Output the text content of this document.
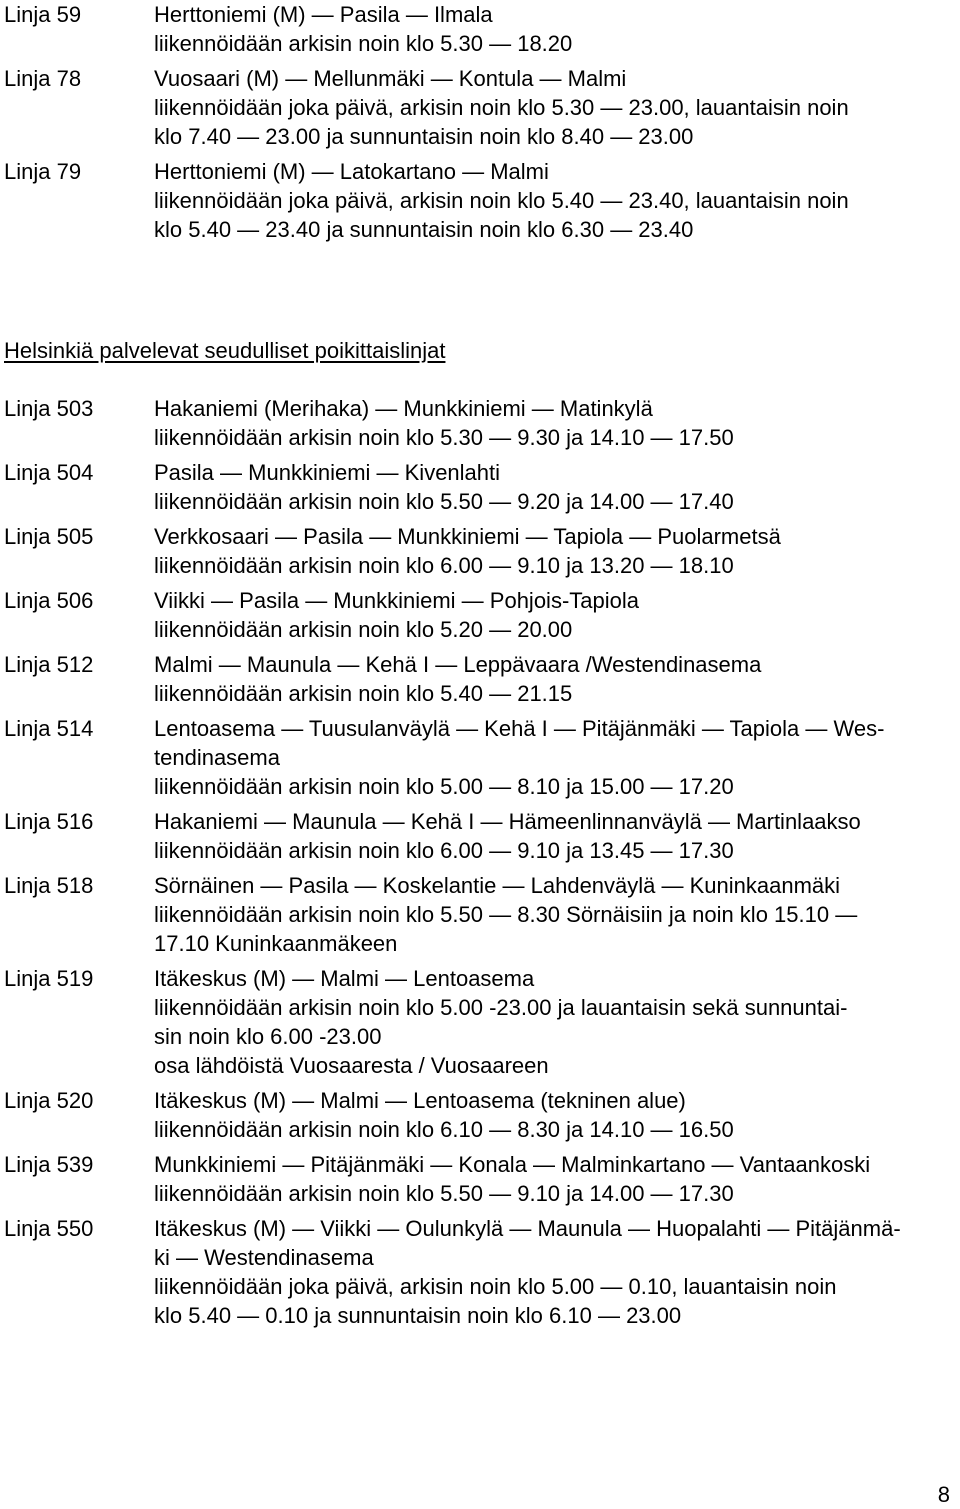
Linja 59	Herttoniemi (M) — Pasila — Ilmala
liikennöidään arkisin noin klo 5.30 — 18.20
Linja 78	Vuosaari (M) — Mellunmäki — Kontula — Malmi
liikennöidään joka päivä, arkisin noin klo 5.30 — 23.00, lauantaisin noin
klo 7.40 — 23.00 ja sunnuntaisin noin klo 8.40 — 23.00
Linja 79	Herttoniemi (M) — Latokartano — Malmi
liikennöidään joka päivä, arkisin noin klo 5.40 — 23.40, lauantaisin noin
klo 5.40 — 23.40 ja sunnuntaisin noin klo 6.30 — 23.40
Helsinkiä palvelevat seudulliset poikittaislinjat
Linja 503	Hakaniemi (Merihaka) — Munkkiniemi — Matinkylä
liikennöidään arkisin noin klo 5.30 — 9.30 ja 14.10 — 17.50
Linja 504	Pasila — Munkkiniemi — Kivenlahti
liikennöidään arkisin noin klo 5.50 — 9.20 ja 14.00 — 17.40
Linja 505	Verkkosaari — Pasila — Munkkiniemi — Tapiola — Puolarmetsä
liikennöidään arkisin noin klo 6.00 — 9.10 ja 13.20 — 18.10
Linja 506	Viikki — Pasila — Munkkiniemi — Pohjois-Tapiola
liikennöidään arkisin noin klo 5.20 — 20.00
Linja 512	Malmi — Maunula — Kehä I — Leppävaara /Westendinasema
liikennöidään arkisin noin klo 5.40 — 21.15
Linja 514	Lentoasema — Tuusulanväylä — Kehä I — Pitäjänmäki — Tapiola — Wes-
tendinasema
liikennöidään arkisin noin klo 5.00 — 8.10 ja 15.00 — 17.20
Linja 516	Hakaniemi — Maunula — Kehä I — Hämeenlinnanväylä — Martinlaakso
liikennöidään arkisin noin klo 6.00 — 9.10 ja 13.45 — 17.30
Linja 518	Sörnäinen — Pasila — Koskelantie — Lahdenväylä — Kuninkaanmäki
liikennöidään arkisin noin klo 5.50 — 8.30 Sörnäisiin ja noin klo 15.10 —
17.10 Kuninkaanmäkeen
Linja 519	Itäkeskus (M) — Malmi — Lentoasema
liikennöidään arkisin noin klo 5.00 -23.00 ja lauantaisin sekä sunnuntai-
sin noin klo 6.00 -23.00
osa lähdöistä Vuosaaresta / Vuosaareen
Linja 520	Itäkeskus (M) — Malmi — Lentoasema (tekninen alue)
liikennöidään arkisin noin klo 6.10 — 8.30 ja 14.10 — 16.50
Linja 539	Munkkiniemi — Pitäjänmäki — Konala — Malminkartano — Vantaankoski
liikennöidään arkisin noin klo 5.50 — 9.10 ja 14.00 — 17.30
Linja 550	Itäkeskus (M) — Viikki — Oulunkylä — Maunula — Huopalahti — Pitäjänmä-
ki — Westendinasema
liikennöidään joka päivä, arkisin noin klo 5.00 — 0.10, lauantaisin noin
klo 5.40 — 0.10 ja sunnuntaisin noin klo 6.10 — 23.00
8
